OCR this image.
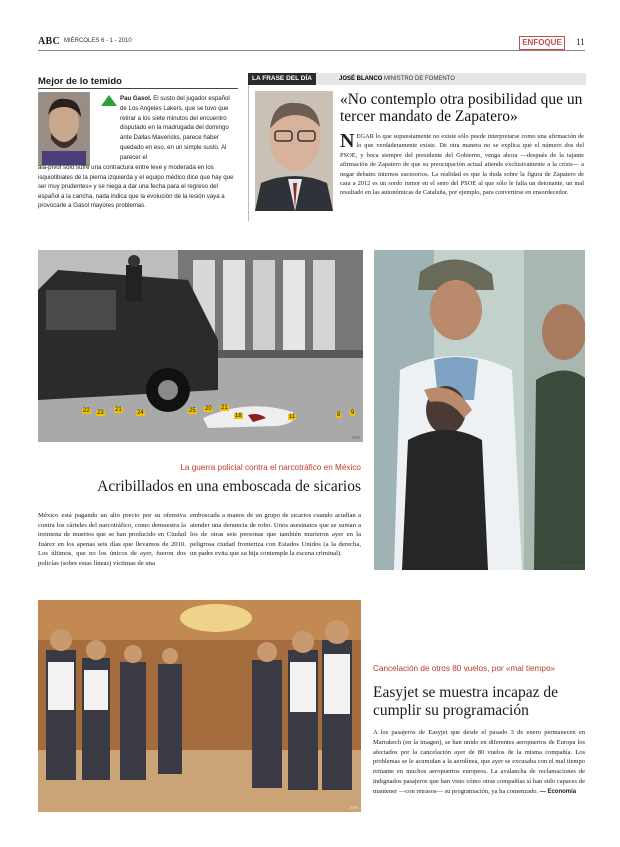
ABC MIÉRCOLES 6 - 1 - 2010	ENFOQUE	11
Mejor de lo temido
Pau Gasol. El susto del jugador español de Los Angeles Lakers, que se tuvo que retirar a los siete minutos del encuentro disputado en la madrugada del domingo ante Dallas Mavericks, parece haber quedado en eso, en un simple susto. Al parecer el
ala-pívot sólo sufre una contractura entre leve y moderada en los isquiotibiales de la pierna izquierda y el equipo médico dice que hay que ser muy prudentes» y se niega a dar una fecha para el regreso del español a la cancha, nada indica que la evolución de la lesión vaya a provocarle a Gasol mayores problemas.
LA FRASE DEL DÍA	JOSÉ BLANCO MINISTRO DE FOMENTO
«No contemplo otra posibilidad que un tercer mandato de Zapatero»
NEGAR lo que supuestamente no existe sólo puede interpretarse como una afirmación de lo que verdaderamente existe. De otra manera no se explica que el número dos del PSOE, y boca siempre del presidente del Gobierno, venga ahora —después de la tajante afirmación de Zapatero de que su preocupación actual atiende exclusivamente a la crisis— a negar debates internos sucesorios. La realidad es que la duda sobre la figura de Zapatero de cara a 2012 es un sordo rumor en el seno del PSOE al que sólo le falta un detonante, un mal resultado en las autonómicas de Cataluña, por ejemplo, para convertirse en ensordecedor.
EFE
22 23 21	24	25 20
18	8 9
11
21
La guerra policial contra el narcotráfico en México
Acribillados en una emboscada de sicarios
México está pagando un alto precio por su ofensiva contra los cárteles del narcotráfico, como demuestra la treintena de muertos que se han producido en Ciudad Juárez en los apenas seis días que llevamos de 2010. Los últimos, que no los únicos de ayer, fueron dos policías (sobre estas líneas) víctimas de una
emboscada a manos de un grupo de sicarios cuando acudían a atender una denuncia de robo. Unos asesinatos que se suman a los de otras seis personas que también murieron ayer en la peligrosa ciudad fronteriza con Estados Unidos (a la derecha, un padre evita que su hija contemple la escena criminal).
REUTERS
EFE
Cancelación de otros 80 vuelos, por «mal tiempo»
Easyjet se muestra incapaz de cumplir su programación
A los pasajeros de Easyjet que desde el pasado 3 de enero permanecen en Marrakech (en la imagen), se han unido en diferentes aeropuertos de Europa los afectados por la cancelación ayer de 80 vuelos de la misma compañía. Los problemas se le acumulan a la aerolínea, que ayer se excusaba con el mal tiempo reinante en muchos aeropuertos europeos. La avalancha de reclamaciones de indignados pasajeros que han visto cómo otras compañías sí han sido capaces de mantener —con retrasos— su programación, ya ha comenzado. — Economía
